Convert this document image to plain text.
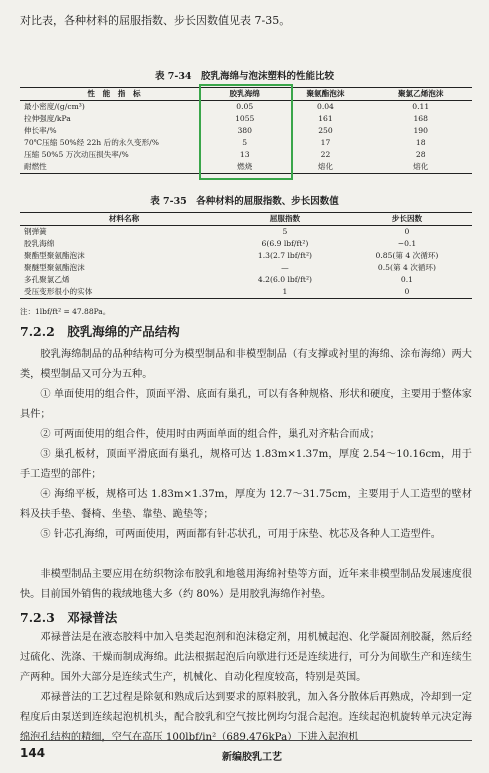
对比表，各种材料的屈服指数、步长因数值见表 7-35。
表 7-34　胶乳海绵与泡沫塑料的性能比较
性　能　指　标	胶乳海绵	聚氨酯泡沫	聚氯乙烯泡沫
最小密度/(g/cm³)	0.05	0.04	0.11
拉伸强度/kPa	1055	161	168
伸长率/%	380	250	190
70℃压缩 50%经 22h 后的永久变形/%	5	17	18
压缩 50%5 万次动压损失率/%	13	22	28
耐燃性	燃烧	熔化	熔化
表 7-35　各种材料的屈服指数、步长因数值
材料名称	屈服指数	步长因数
钢弹簧	5	0
胶乳海绵	6(6.9 lbf/ft²)	−0.1
聚酯型聚氨酯泡沫	1.3(2.7 lbf/ft²)	0.85(第 4 次循环)
聚醚型聚氨酯泡沫	—	0.5(第 4 次循环)
多孔聚氯乙烯	4.2(6.0 lbf/ft²)	0.1
受压变形很小的实体	1	0
注：1lbf/ft² = 47.88Pa。
7.2.2　胶乳海绵的产品结构

胶乳海绵制品的品种结构可分为模型制品和非模型制品（有支撑或衬里的海绵、涂布海绵）两大类，模型制品又可分为五种。

① 单面使用的组合件，顶面平滑、底面有巢孔，可以有各种规格、形状和硬度，主要用于整体家具件；

② 可两面使用的组合件，使用时由两面单面的组合件，巢孔对齐粘合而成；

③ 巢孔板材，顶面平滑底面有巢孔，规格可达 1.83m×1.37m，厚度 2.54～10.16cm，用于手工造型的部件；

④ 海绵平板，规格可达 1.83m×1.37m，厚度为 12.7～31.75cm，主要用于人工造型的壁材料及扶手垫、餐椅、坐垫、靠垫、跪垫等；

⑤ 针芯孔海绵，可两面使用，两面都有针芯状孔，可用于床垫、枕芯及各种人工造型件。

非模型制品主要应用在纺织物涂布胶乳和地毯用海绵衬垫等方面，近年来非模型制品发展速度很快。目前国外销售的栽绒地毯大多（约 80%）是用胶乳海绵作衬垫。

7.2.3　邓禄普法

邓禄普法是在液态胶料中加入皂类起泡剂和泡沫稳定剂，用机械起泡、化学凝固剂胶凝，然后经过硫化、洗涤、干燥而制成海绵。此法根据起泡后向歇进行还是连续进行，可分为间歇生产和连续生产两种。国外大部分是连续式生产，机械化、自动化程度较高，特别是英国。

邓禄普法的工艺过程是除氨和熟成后达到要求的原料胶乳，加入各分散体后再熟成，冷却到一定程度后由泵送到连续起泡机机头，配合胶乳和空气按比例均匀混合起泡。连续起泡机旋转单元决定海绵泡孔结构的精细，空气在高压 100lbf/in²（689.476kPa）下进入起泡机

144	新编胶乳工艺
